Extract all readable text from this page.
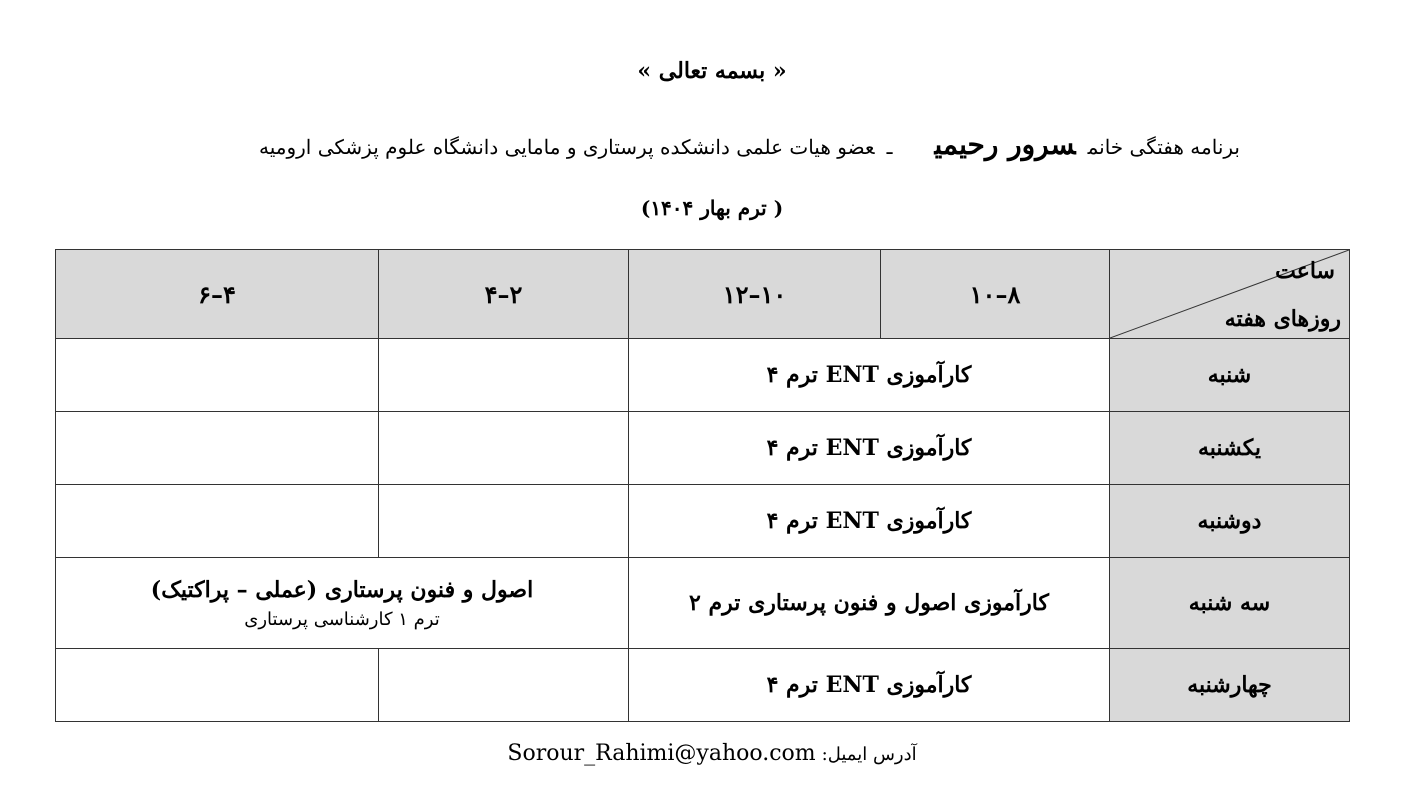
« بسمه تعالی »
برنامه هفتگی خانمسرور رحیمیـعضو هیات علمی دانشکده پرستاری و مامایی دانشگاه علوم پزشکی ارومیه
( ترم بهار ۱۴۰۴)
ساعت
روزهای هفته	۸–۱۰	۱۰–۱۲	۲–۴	۴–۶
شنبه	کارآموزی ENT ترم ۴			
یکشنبه	کارآموزی ENT ترم ۴			
دوشنبه	کارآموزی ENT ترم ۴			
سه شنبه	کارآموزی اصول و فنون پرستاری ترم ۲		اصول و فنون پرستاری (عملی – پراکتیک)
ترم ۱ کارشناسی پرستاری	

چهارشنبه	کارآموزی ENT ترم ۴			
آدرس ایمیل:Sorour_Rahimi@yahoo.com
